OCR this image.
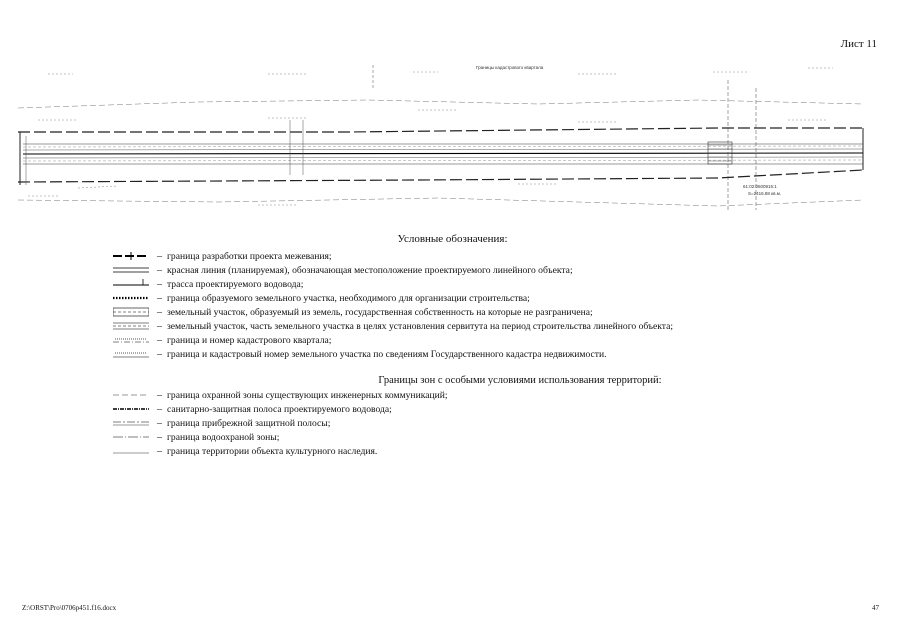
Лист 11
Границы кадастрового квартала
61:02:0600915:1
S=2416.88 кв.м.
Условные обозначения:
– граница разработки проекта межевания;
– красная линия (планируемая), обозначающая местоположение проектируемого линейного объекта;
– трасса проектируемого водовода;
– граница образуемого земельного участка, необходимого для организации строительства;
– земельный участок, образуемый из земель, государственная собственность на которые не разграничена;
– земельный участок, часть земельного участка в целях установления сервитута на период строительства линейного объекта;
– граница и номер кадастрового квартала;
– граница и кадастровый номер земельного участка по сведениям Государственного кадастра недвижимости.
Границы зон с особыми условиями использования территорий:
– граница охранной зоны существующих инженерных коммуникаций;
– санитарно-защитная полоса проектируемого водовода;
– граница прибрежной защитной полосы;
– граница водоохраной зоны;
– граница территории объекта культурного наследия.
Z:\ORST\Pro\0706p451.f16.docx	47
